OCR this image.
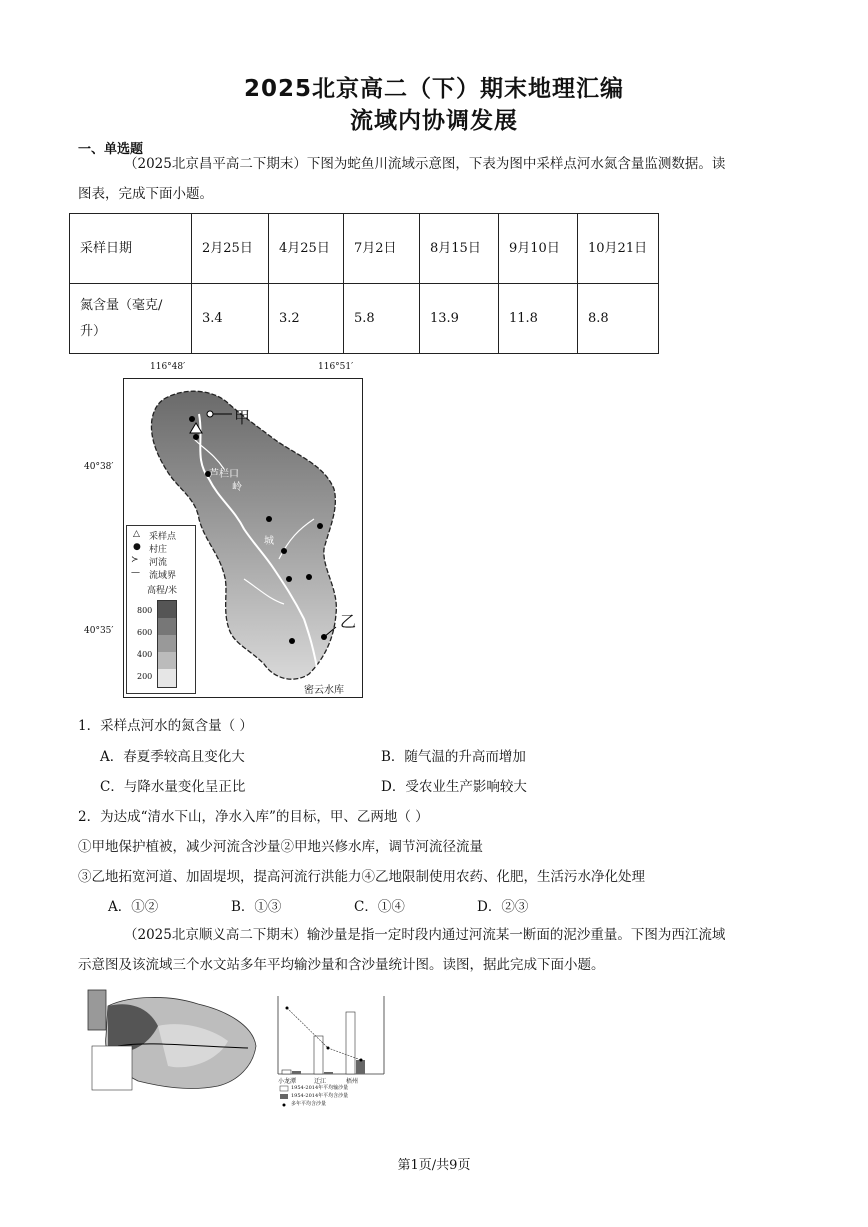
2025北京高二（下）期末地理汇编
流域内协调发展
一、单选题
（2025北京昌平高二下期末）下图为蛇鱼川流域示意图，下表为图中采样点河水氮含量监测数据。读
图表，完成下面小题。
采样日期	2月25日	4月25日	7月2日	8月15日	9月10日	10月21日
氮含量（毫克/升）	3.4	3.2	5.8	13.9	11.8	8.8
116°48′	116°51′
40°38′
40°35′
甲
乙
芦栏口
岭
城
密云水库
△ 采样点
● 村庄
≻ 河流
— 流域界
高程/米
800
600
400
200
1．采样点河水的氮含量（ ）
A．春夏季较高且变化大	B．随气温的升高而增加
C．与降水量变化呈正比	D．受农业生产影响较大
2．为达成“清水下山，净水入库”的目标，甲、乙两地（ ）
①甲地保护植被，减少河流含沙量②甲地兴修水库，调节河流径流量
③乙地拓宽河道、加固堤坝，提高河流行洪能力④乙地限制使用农药、化肥，生活污水净化处理
A．①②	B．①③	C．①④	D．②③
（2025北京顺义高二下期末）输沙量是指一定时段内通过河流某一断面的泥沙重量。下图为西江流域
示意图及该流域三个水文站多年平均输沙量和含沙量统计图。读图，据此完成下面小题。
小龙潭	迁江	梧州
1954-2014年平均输沙量
1954-2014年平均含沙量
多年平均含沙量
第1页/共9页
